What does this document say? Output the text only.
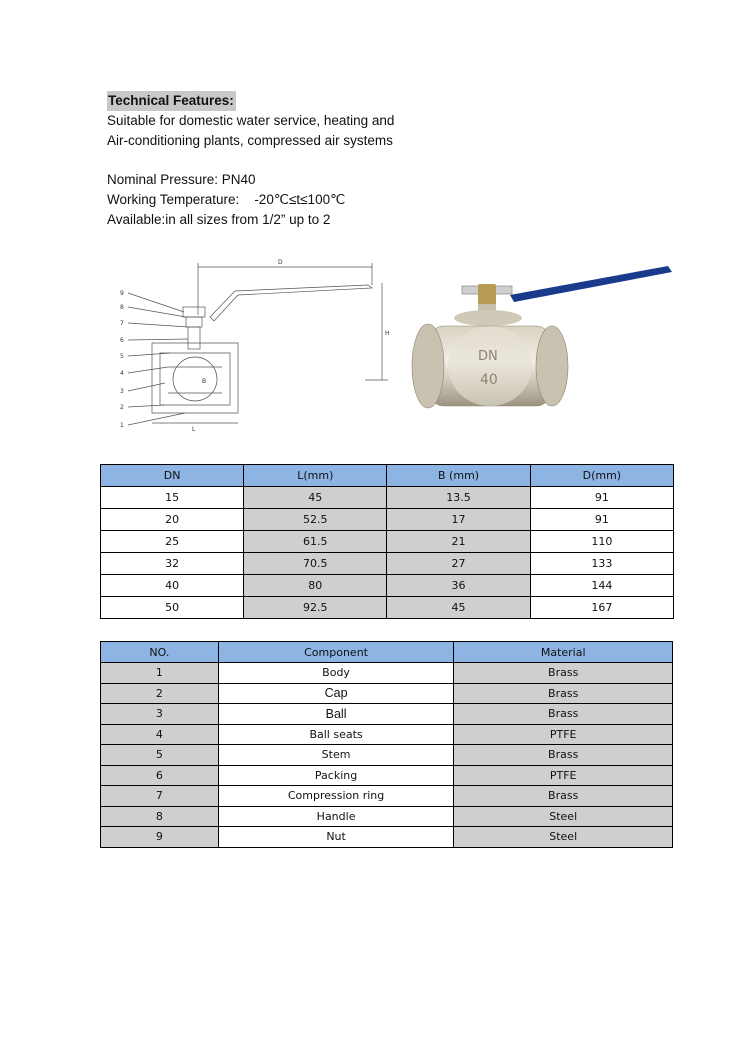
Technical Features:
Suitable for domestic water service, heating and
Air-conditioning plants, compressed air systems
Nominal Pressure: PN40
Working Temperature:    -20℃≤t≤100℃
Available:in all sizes from 1/2” up to 2
9
8
7
6
5
4
3
2
1
D
H
B
L
DN
40
DN	L(mm)	B (mm)	D(mm)
15	45	13.5	91
20	52.5	17	91
25	61.5	21	110
32	70.5	27	133
40	80	36	144
50	92.5	45	167
NO.	Component	Material
1	Body	Brass
2	Cap	Brass
3	Ball	Brass
4	Ball seats	PTFE
5	Stem	Brass
6	Packing	PTFE
7	Compression ring	Brass
8	Handle	Steel
9	Nut	Steel
